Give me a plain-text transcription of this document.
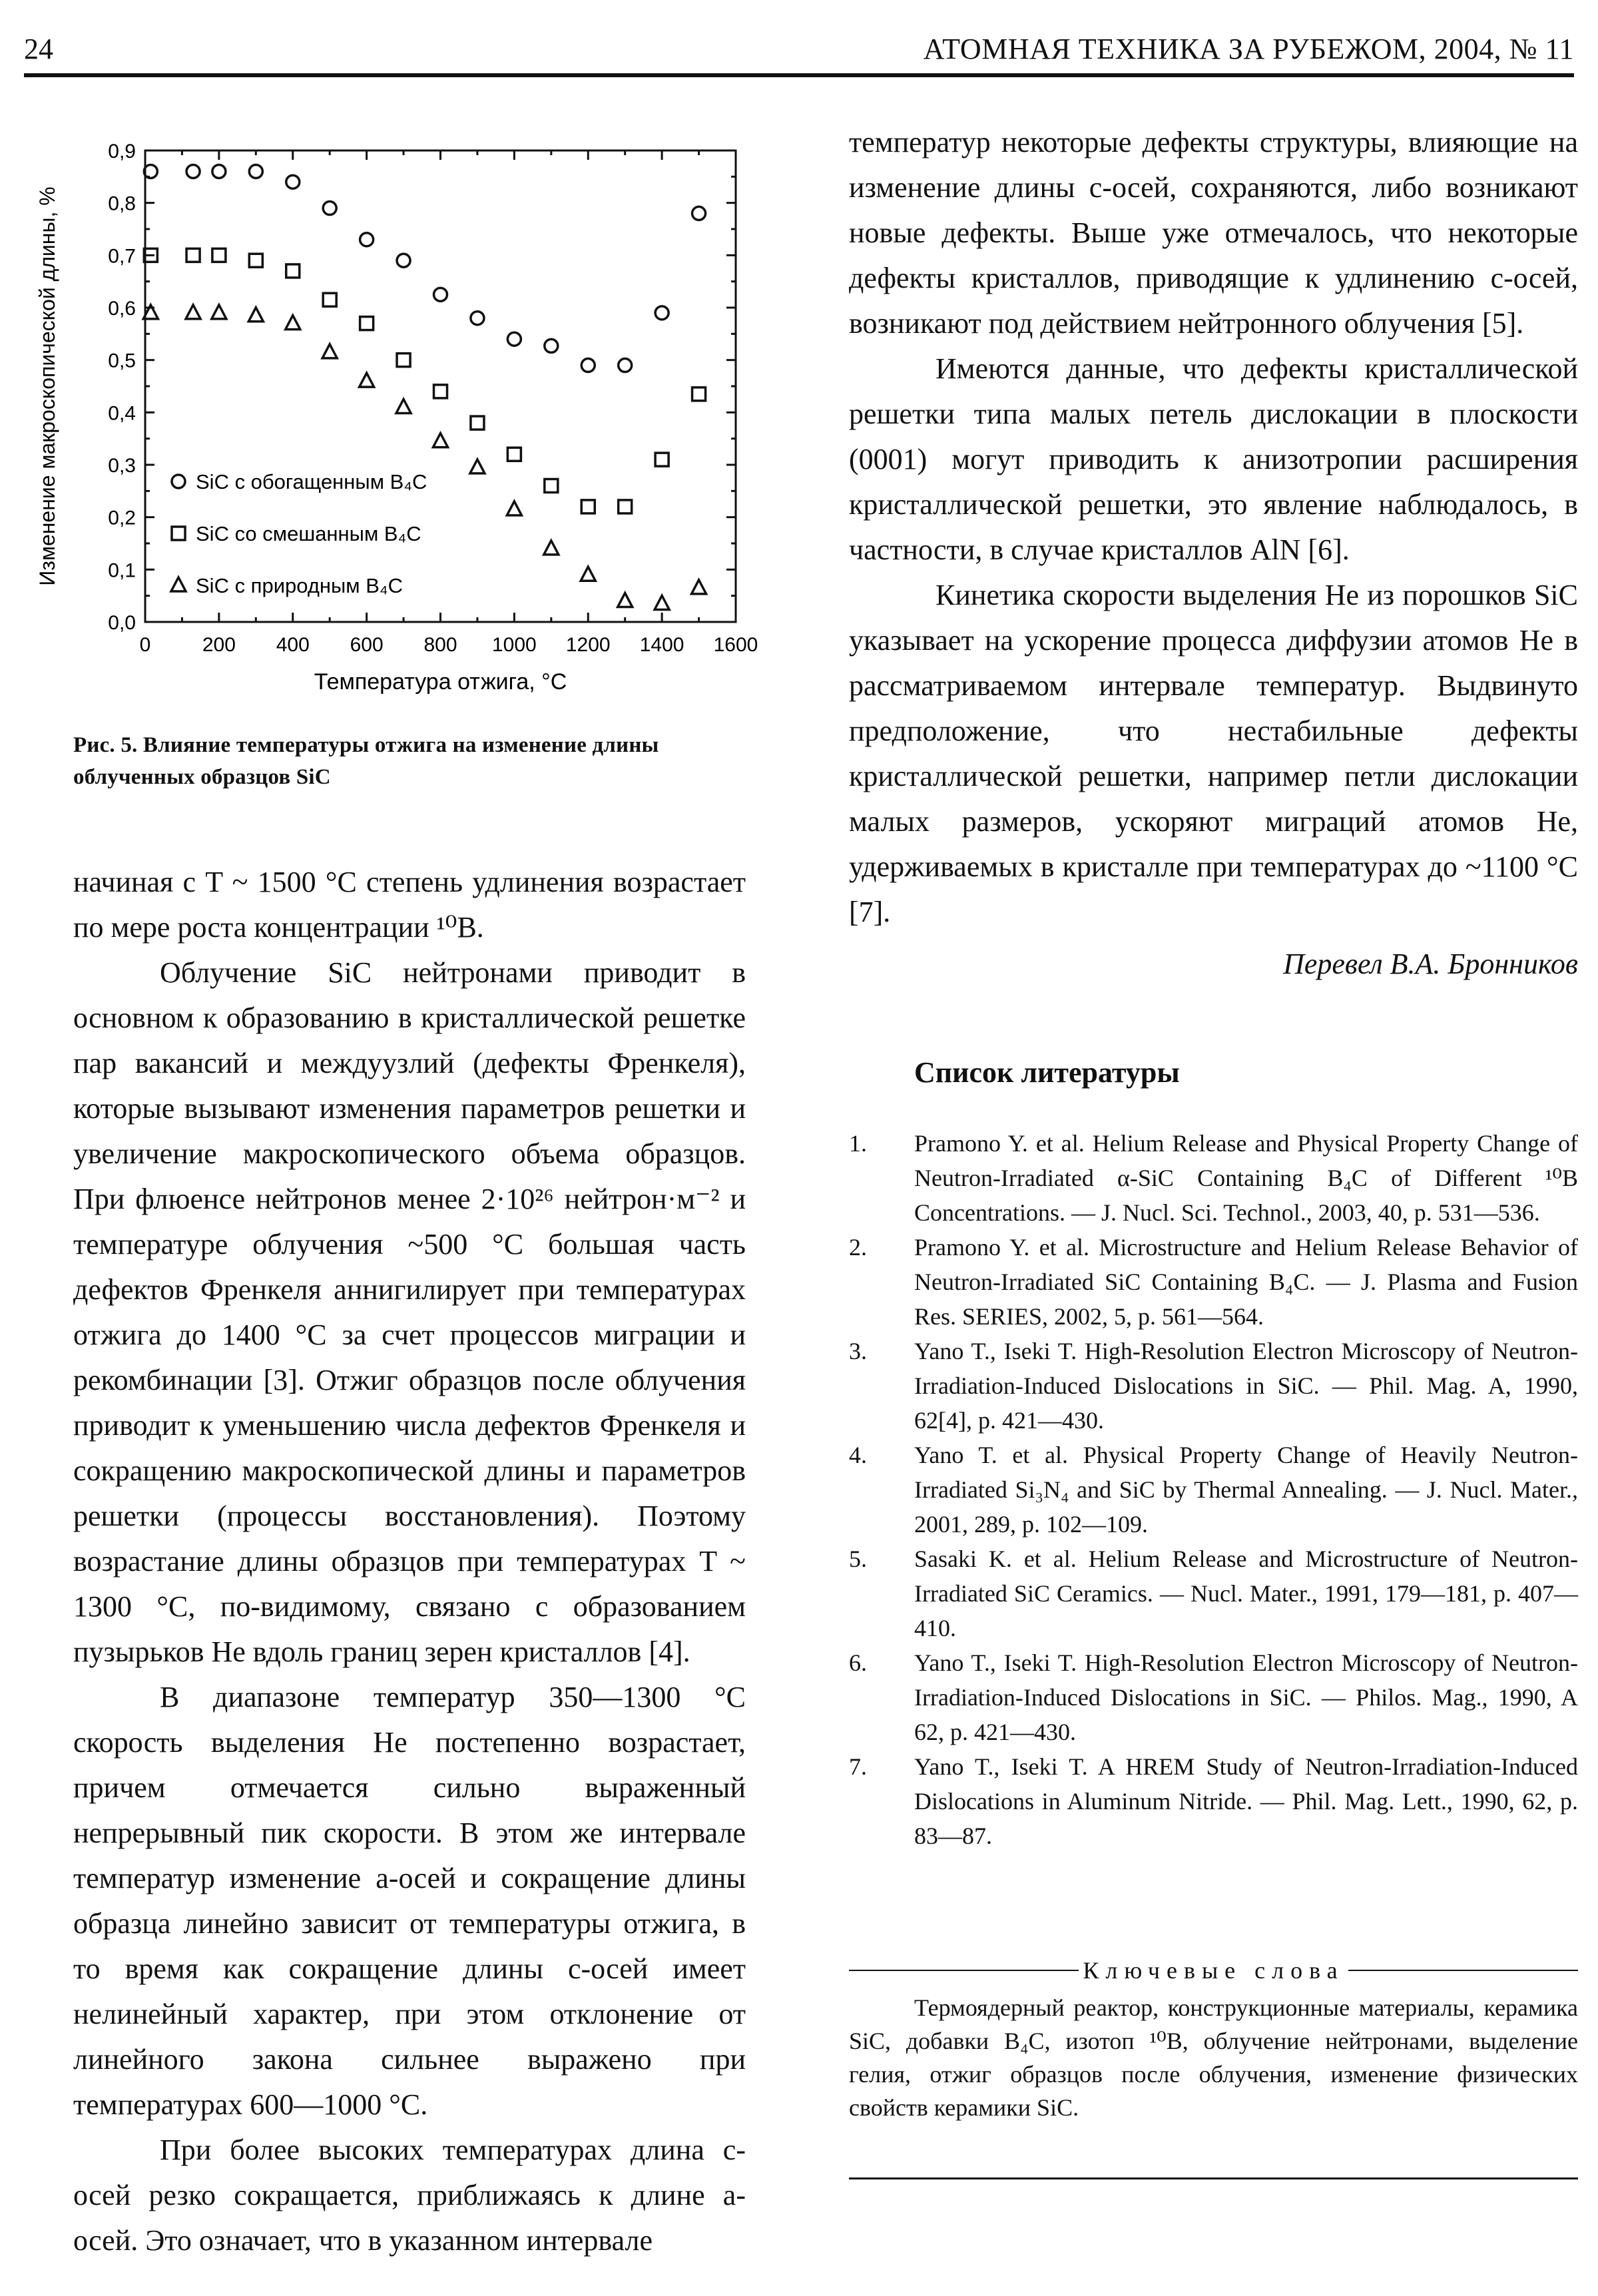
24	АТОМНАЯ ТЕХНИКА ЗА РУБЕЖОМ, 2004, № 11
0	200 400 600 800 1000 1200 1400 1600
0,0
0,1
0,2
0,3
0,4
0,5
0,6
0,7
0,8
0,9
SiC с обогащенным B₄C
SiC со смешанным B₄C
SiC с природным B₄C
Температура отжига, °С
Изменение макроскопической длины, %
Рис. 5. Влияние температуры отжига на изменение длины облученных образцов SiC

начиная с T ~ 1500 °С степень удлинения возрастает по мере роста концентрации ¹⁰B.

Облучение SiC нейтронами приводит в основном к образованию в кристаллической решетке пар вакансий и междуузлий (дефекты Френкеля), которые вызывают изменения параметров решетки и увеличение макроскопического объема образцов. При флюенсе нейтронов менее 2·10²⁶ нейтрон·м⁻² и температуре облучения ~500 °С большая часть дефектов Френкеля аннигилирует при температурах отжига до 1400 °С за счет процессов миграции и рекомбинации [3]. Отжиг образцов после облучения приводит к уменьшению числа дефектов Френкеля и сокращению макроскопической длины и параметров решетки (процессы восстановления). Поэтому возрастание длины образцов при температурах T ~ 1300 °С, по-видимому, связано с образованием пузырьков Не вдоль границ зерен кристаллов [4].

В диапазоне температур 350—1300 °С скорость выделения Не постепенно возрастает, причем отмечается сильно выраженный непрерывный пик скорости. В этом же интервале температур изменение а-осей и сокращение длины образца линейно зависит от температуры отжига, в то время как сокращение длины с-осей имеет нелинейный характер, при этом отклонение от линейного закона сильнее выражено при температурах 600—1000 °С.

При более высоких температурах длина с-осей резко сокращается, приближаясь к длине а-осей. Это означает, что в указанном интервале

температур некоторые дефекты структуры, влияющие на изменение длины с-осей, сохраняются, либо возникают новые дефекты. Выше уже отмечалось, что некоторые дефекты кристаллов, приводящие к удлинению с-осей, возникают под действием нейтронного облучения [5].

Имеются данные, что дефекты кристаллической решетки типа малых петель дислокации в плоскости (0001) могут приводить к анизотропии расширения кристаллической решетки, это явление наблюдалось, в частности, в случае кристаллов AlN [6].

Кинетика скорости выделения Не из порошков SiC указывает на ускорение процесса диффузии атомов Не в рассматриваемом интервале температур. Выдвинуто предположение, что нестабильные дефекты кристаллической решетки, например петли дислокации малых размеров, ускоряют миграций атомов Не, удерживаемых в кристалле при температурах до ~1100 °С [7].

Перевел В.А. Бронников
Список литературы
1.	Pramono Y. et al. Helium Release and Physical Property Change of Neutron-Irradiated α-SiC Containing B₄C of Different ¹⁰B Concentrations. — J. Nucl. Sci. Technol., 2003, 40, p. 531—536.
2.	Pramono Y. et al. Microstructure and Helium Release Behavior of Neutron-Irradiated SiC Containing B₄C. — J. Plasma and Fusion Res. SERIES, 2002, 5, p. 561—564.
3.	Yano T., Iseki T. High-Resolution Electron Microscopy of Neutron-Irradiation-Induced Dislocations in SiC. — Phil. Mag. A, 1990, 62[4], p. 421—430.
4.	Yano T. et al. Physical Property Change of Heavily Neutron-Irradiated Si₃N₄ and SiC by Thermal Annealing. — J. Nucl. Mater., 2001, 289, p. 102—109.
5.	Sasaki K. et al. Helium Release and Microstructure of Neutron-Irradiated SiC Ceramics. — Nucl. Mater., 1991, 179—181, p. 407—410.
6.	Yano T., Iseki T. High-Resolution Electron Microscopy of Neutron-Irradiation-Induced Dislocations in SiC. — Philos. Mag., 1990, A 62, p. 421—430.
7.	Yano T., Iseki T. A HREM Study of Neutron-Irradiation-Induced Dislocations in Aluminum Nitride. — Phil. Mag. Lett., 1990, 62, p. 83—87.
Ключевые слова
Термоядерный реактор, конструкционные материалы, керамика SiC, добавки B₄C, изотоп ¹⁰B, облучение нейтронами, выделение гелия, отжиг образцов после облучения, изменение физических свойств керамики SiC.
